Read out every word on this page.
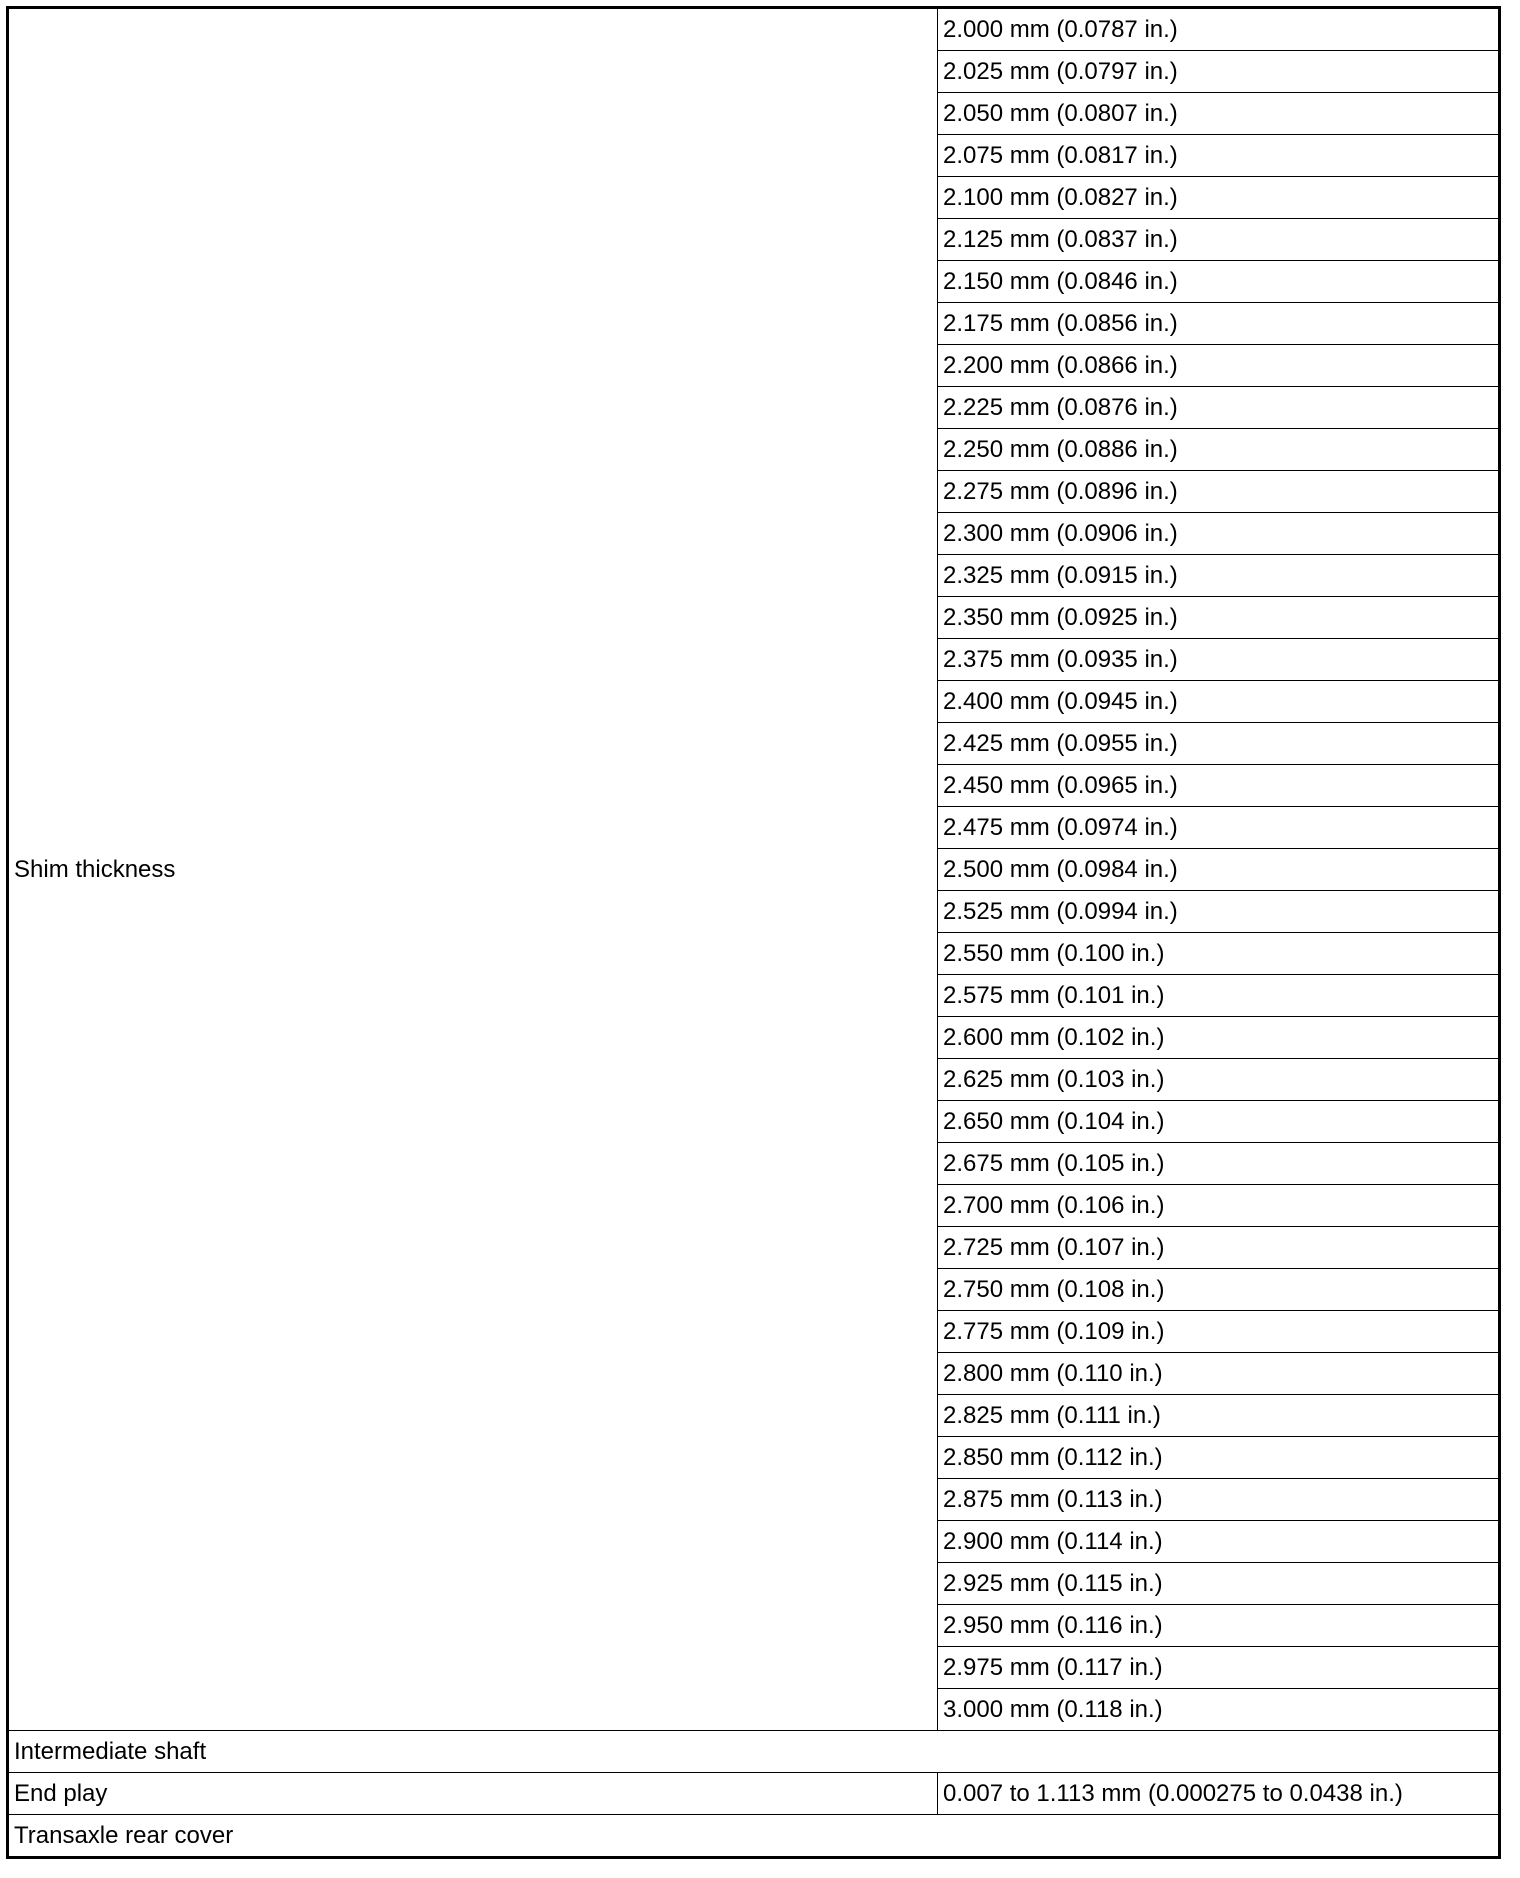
Shim thickness	2.000 mm (0.0787 in.)
	2.025 mm (0.0797 in.)
	2.050 mm (0.0807 in.)
	2.075 mm (0.0817 in.)
	2.100 mm (0.0827 in.)
	2.125 mm (0.0837 in.)
	2.150 mm (0.0846 in.)
	2.175 mm (0.0856 in.)
	2.200 mm (0.0866 in.)
	2.225 mm (0.0876 in.)
	2.250 mm (0.0886 in.)
	2.275 mm (0.0896 in.)
	2.300 mm (0.0906 in.)
	2.325 mm (0.0915 in.)
	2.350 mm (0.0925 in.)
	2.375 mm (0.0935 in.)
	2.400 mm (0.0945 in.)
	2.425 mm (0.0955 in.)
	2.450 mm (0.0965 in.)
	2.475 mm (0.0974 in.)
	2.500 mm (0.0984 in.)
	2.525 mm (0.0994 in.)
	2.550 mm (0.100 in.)
	2.575 mm (0.101 in.)
	2.600 mm (0.102 in.)
	2.625 mm (0.103 in.)
	2.650 mm (0.104 in.)
	2.675 mm (0.105 in.)
	2.700 mm (0.106 in.)
	2.725 mm (0.107 in.)
	2.750 mm (0.108 in.)
	2.775 mm (0.109 in.)
	2.800 mm (0.110 in.)
	2.825 mm (0.111 in.)
	2.850 mm (0.112 in.)
	2.875 mm (0.113 in.)
	2.900 mm (0.114 in.)
	2.925 mm (0.115 in.)
	2.950 mm (0.116 in.)
	2.975 mm (0.117 in.)
	3.000 mm (0.118 in.)
Intermediate shaft	
End play	0.007 to 1.113 mm (0.000275 to 0.0438 in.)
Transaxle rear cover	
